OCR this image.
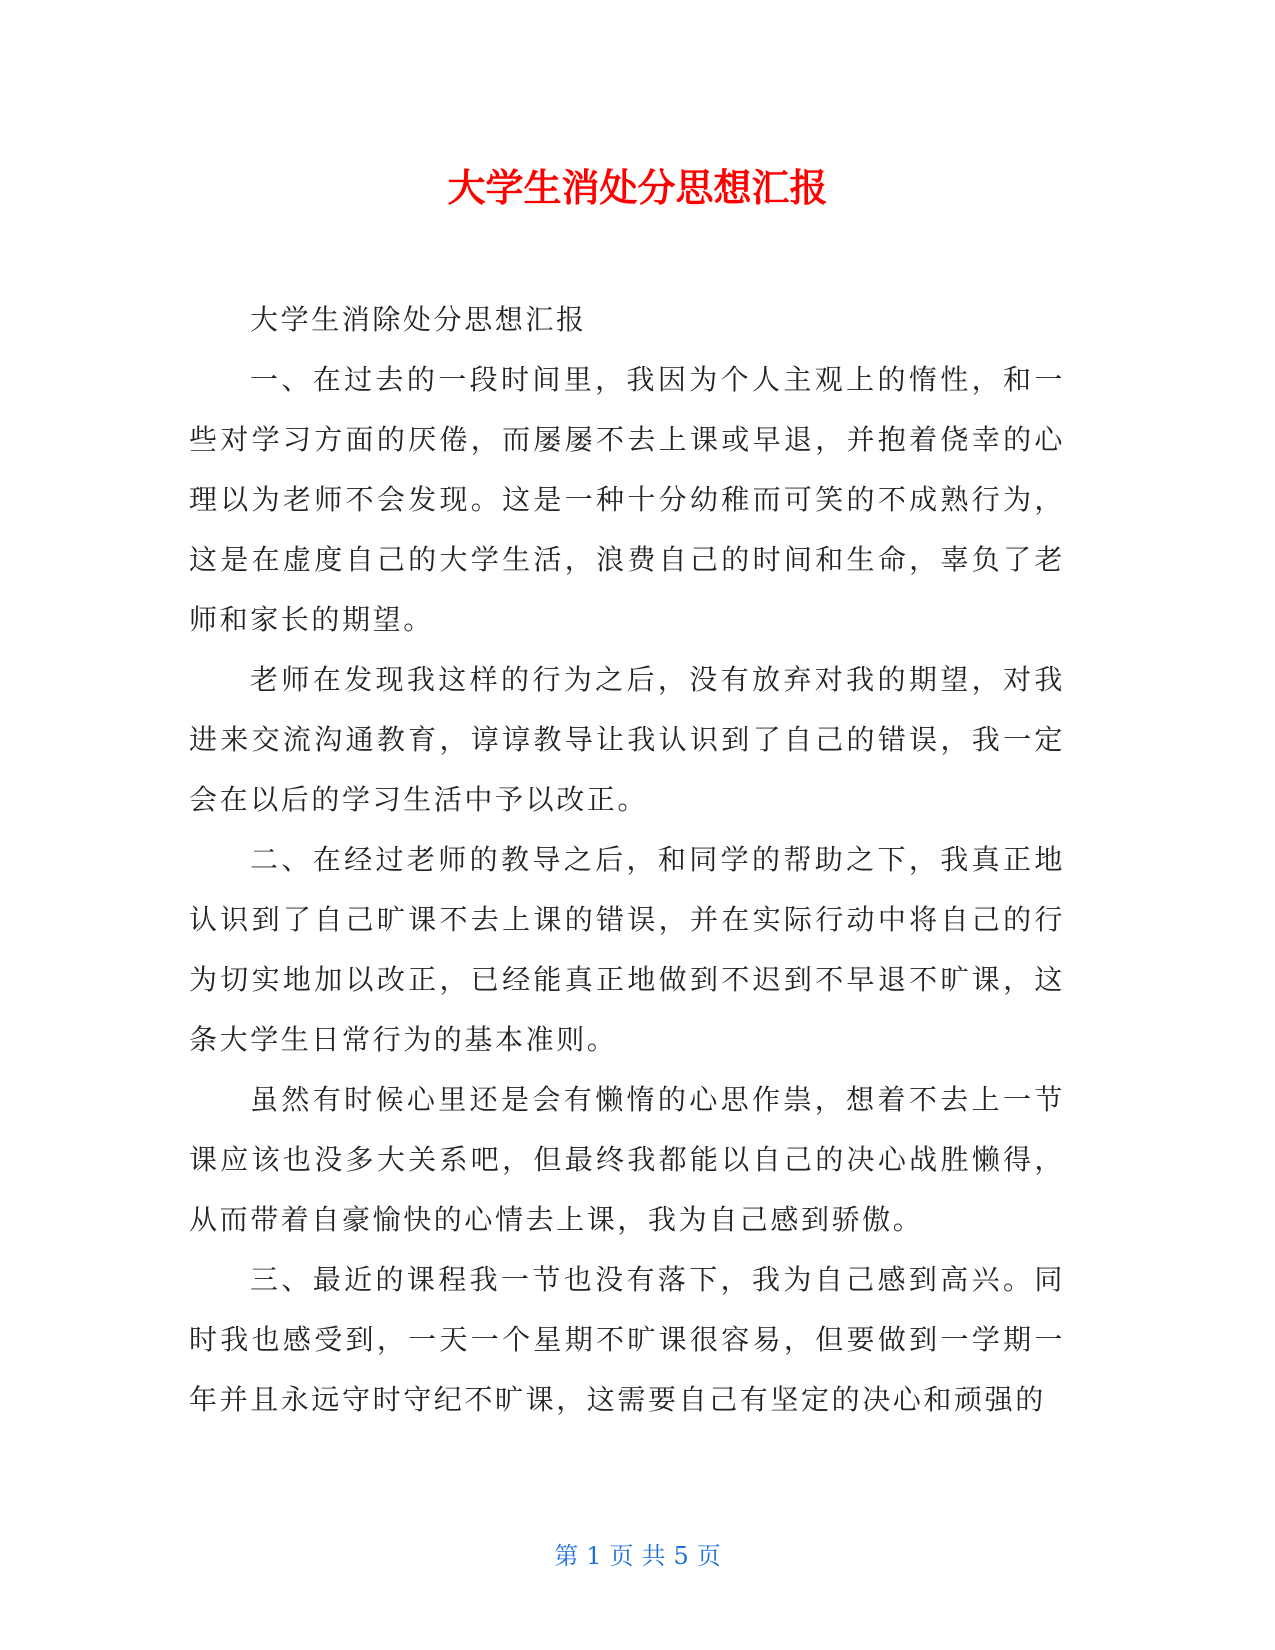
大学生消处分思想汇报

大学生消除处分思想汇报

一、在过去的一段时间里，我因为个人主观上的惰性，和一些对学习方面的厌倦，而屡屡不去上课或早退，并抱着侥幸的心理以为老师不会发现。这是一种十分幼稚而可笑的不成熟行为，这是在虚度自己的大学生活，浪费自己的时间和生命，辜负了老师和家长的期望。

老师在发现我这样的行为之后，没有放弃对我的期望，对我进来交流沟通教育，谆谆教导让我认识到了自己的错误，我一定会在以后的学习生活中予以改正。

二、在经过老师的教导之后，和同学的帮助之下，我真正地认识到了自己旷课不去上课的错误，并在实际行动中将自己的行为切实地加以改正，已经能真正地做到不迟到不早退不旷课，这条大学生日常行为的基本准则。

虽然有时候心里还是会有懒惰的心思作祟，想着不去上一节课应该也没多大关系吧，但最终我都能以自己的决心战胜懒得，从而带着自豪愉快的心情去上课，我为自己感到骄傲。

三、最近的课程我一节也没有落下，我为自己感到高兴。同时我也感受到，一天一个星期不旷课很容易，但要做到一学期一年并且永远守时守纪不旷课，这需要自己有坚定的决心和顽强的

第 1 页 共 5 页
